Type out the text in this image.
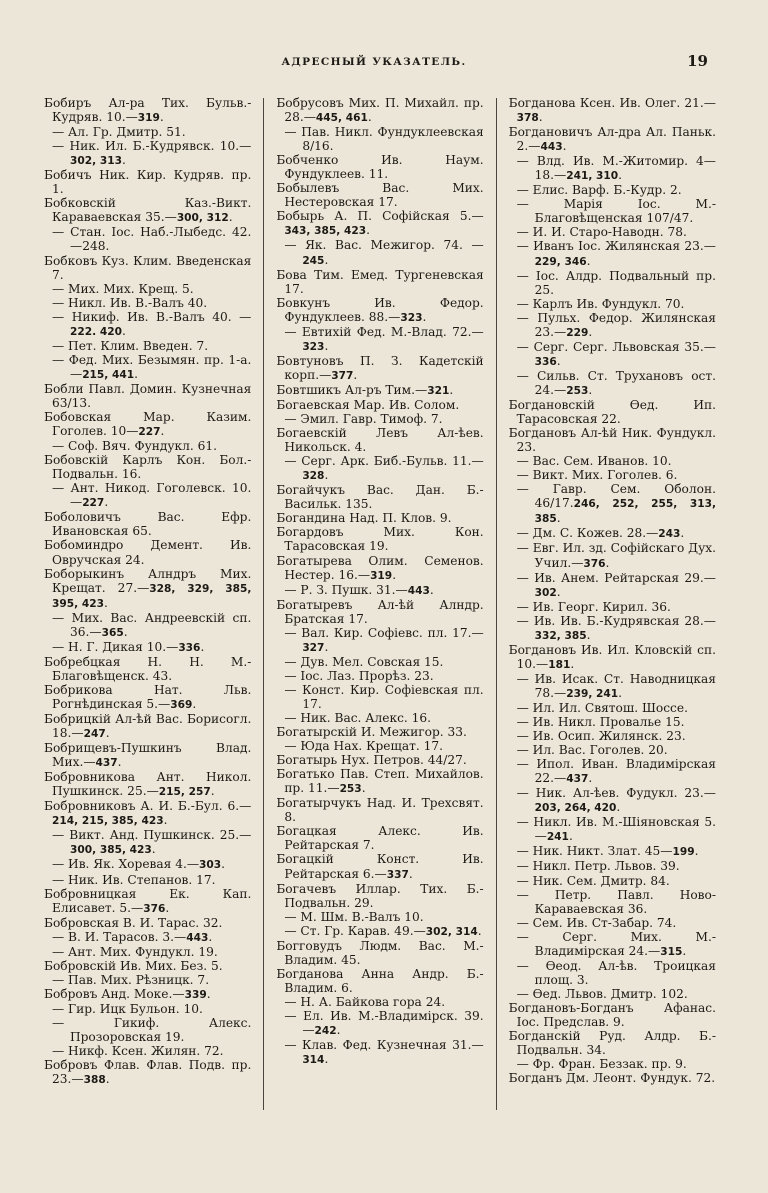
АДРЕСНЫЙ УКАЗАТЕЛЬ.	19

Бобиръ Ал-ра Тих. Бульв.-Кудряв. 10.—319.

— Ал. Гр. Дмитр. 51.

— Ник. Ил. Б.-Кудрявск. 10.—302, 313.

Бобичъ Ник. Кир. Кудряв. пр. 1.

Бобковскій Каз.-Викт. Караваевская 35.—300, 312.

— Стан. Іос. Наб.-Лыбедс. 42.—248.

Бобковъ Куз. Клим. Введенская 7.

— Мих. Мих. Крещ. 5.

— Никл. Ив. В.-Валъ 40.

— Никиф. Ив. В.-Валъ 40. —222. 420.

— Пет. Клим. Введен. 7.

— Фед. Мих. Безымян. пр. 1-а.—215, 441.

Бобли Павл. Домин. Кузнечная 63/13.

Бобовская Мар. Казим. Гоголев. 10—227.

— Соф. Вяч. Фундукл. 61.

Бобовскій Карлъ Кон. Бол.-Подвальн. 16.

— Ант. Никод. Гоголевск. 10.—227.

Боболовичъ Вас. Ефр. Ивановская 65.

Бобоминдро Демент. Ив. Овручская 24.

Боборыкинъ Алндръ Мих. Крещат. 27.—328, 329, 385, 395, 423.

— Мих. Вас. Андреевскій сп. 36.—365.

— Н. Г. Дикая 10.—336.

Бобребцкая Н. Н. М.-Благовѣщенск. 43.

Бобрикова Нат. Льв. Рогнѣдинская 5.—369.

Бобрицкій Ал-ѣй Вас. Борисогл. 18.—247.

Бобрищевъ-Пушкинъ Влад. Мих.—437.

Бобровникова Ант. Никол. Пушкинск. 25.—215, 257.

Бобровниковъ А. И. Б.-Бул. 6.—214, 215, 385, 423.

— Викт. Анд. Пушкинск. 25.—300, 385, 423.

— Ив. Як. Хоревая 4.—303.

— Ник. Ив. Степанов. 17.

Бобровницкая Ек. Кап. Елисавет. 5.—376.

Бобровская В. И. Тарас. 32.

— В. И. Тарасов. 3.—443.

— Ант. Мих. Фундукл. 19.

Бобровскій Ив. Мих. Без. 5.

— Пав. Мих. Рѣзницк. 7.

Бобровъ Анд. Моке.—339.

— Гир. Ицк Бульон. 10.

— Гикиф. Алекс. Прозоровская 19.

— Никф. Ксен. Жилян. 72.

Бобровъ Флав. Флав. Подв. пр. 23.—388.

Бобрусовъ Мих. П. Михайл. пр. 28.—445, 461.

— Пав. Никл. Фундуклеевская 8/16.

Бобченко Ив. Наум. Фундуклеев. 11.

Бобылевъ Вас. Мих. Нестеровская 17.

Бобырь А. П. Софійская 5.—343, 385, 423.

— Як. Вас. Межигор. 74. —245.

Бова Тим. Емед. Тургеневская 17.

Бовкунъ Ив. Федор. Фундуклеев. 88.—323.

— Евтихій Фед. М.-Влад. 72.—323.

Бовтуновъ П. З. Кадетскій корп.—377.

Бовтшикъ Ал-ръ Тим.—321.

Богаевская Мар. Ив. Солом.

— Эмил. Гавр. Тимоф. 7.

Богаевскій Левъ Ал-ѣев. Никольск. 4.

— Серг. Арк. Биб.-Бульв. 11.—328.

Богайчукъ Вас. Дан. Б.-Васильк. 135.

Богандина Над. П. Клов. 9.

Богардовъ Мих. Кон. Тарасовская 19.

Богатырева Олим. Семенов. Нестер. 16.—319.

— Р. З. Пушк. 31.—443.

Богатыревъ Ал-ѣй Алндр. Братская 17.

— Вал. Кир. Софіевс. пл. 17.—327.

— Дув. Мел. Совская 15.

— Іос. Лаз. Прорѣз. 23.

— Конст. Кир. Софіевская пл. 17.

— Ник. Вас. Алекс. 16.

Богатырскій И. Межигор. 33.

— Юда Нах. Крещат. 17.

Богатырь Нух. Петров. 44/27.

Богатько Пав. Степ. Михайлов. пр. 11.—253.

Богатырчукъ Над. И. Трехсвят. 8.

Богацкая Алекс. Ив. Рейтарская 7.

Богацкій Конст. Ив. Рейтарская 6.—337.

Богачевъ Иллар. Тих. Б.-Подвальн. 29.

— М. Шм. В.-Валъ 10.

— Ст. Гр. Карав. 49.—302, 314.

Богговудъ Людм. Вас. М.-Владим. 45.

Богданова Анна Андр. Б.-Владим. 6.

— Н. А. Байкова гора 24.

— Ел. Ив. М.-Владимірск. 39.—242.

— Клав. Фед. Кузнечная 31.—314.

Богданова Ксен. Ив. Олег. 21.—378.

Богдановичъ Ал-дра Ал. Паньк. 2.—443.

— Влд. Ив. М.-Житомир. 4—18.—241, 310.

— Елис. Варф. Б.-Кудр. 2.

— Марія Іос. М.-Благовѣщенская 107/47.

— И. И. Старо-Наводн. 78.

— Иванъ Іос. Жилянская 23.—229, 346.

— Іос. Алдр. Подвальный пр. 25.

— Карлъ Ив. Фундукл. 70.

— Пульх. Федор. Жилянская 23.—229.

— Серг. Серг. Львовская 35.—336.

— Сильв. Ст. Трухановъ ост. 24.—253.

Богдановскій Ѳед. Ип. Тарасовская 22.

Богдановъ Ал-ѣй Ник. Фундукл. 23.

— Вас. Сем. Иванов. 10.

— Викт. Мих. Гоголев. 6.

— Гавр. Сем. Оболон. 46/17.246, 252, 255, 313, 385.

— Дм. С. Кожев. 28.—243.

— Евг. Ил. зд. Софійскаго Дух. Учил.—376.

— Ив. Анем. Рейтарская 29.—302.

— Ив. Георг. Кирил. 36.

— Ив. Ив. Б.-Кудрявская 28.—332, 385.

Богдановъ Ив. Ил. Кловскій сп. 10.—181.

— Ив. Исак. Ст. Наводницкая 78.—239, 241.

— Ил. Ил. Святош. Шоссе.

— Ив. Никл. Провалье 15.

— Ив. Осип. Жилянск. 23.

— Ил. Вас. Гоголев. 20.

— Ипол. Иван. Владимірская 22.—437.

— Ник. Ал-ѣев. Фудукл. 23.—203, 264, 420.

— Никл. Ив. М.-Шіяновская 5.—241.

— Ник. Никт. Злат. 45—199.

— Никл. Петр. Львов. 39.

— Ник. Сем. Дмитр. 84.

— Петр. Павл. Ново-Караваевская 36.

— Сем. Ив. Ст-Забар. 74.

— Серг. Мих. М.-Владимірская 24.—315.

— Ѳеод. Ал-ѣв. Троицкая площ. 3.

— Ѳед. Львов. Дмитр. 102.

Богдановъ-Богданъ Афанас. Іос. Предслав. 9.

Богданскій Руд. Алдр. Б.-Подвальн. 34.

— Фр. Фран. Беззак. пр. 9.

Богданъ Дм. Леонт. Фундук. 72.
